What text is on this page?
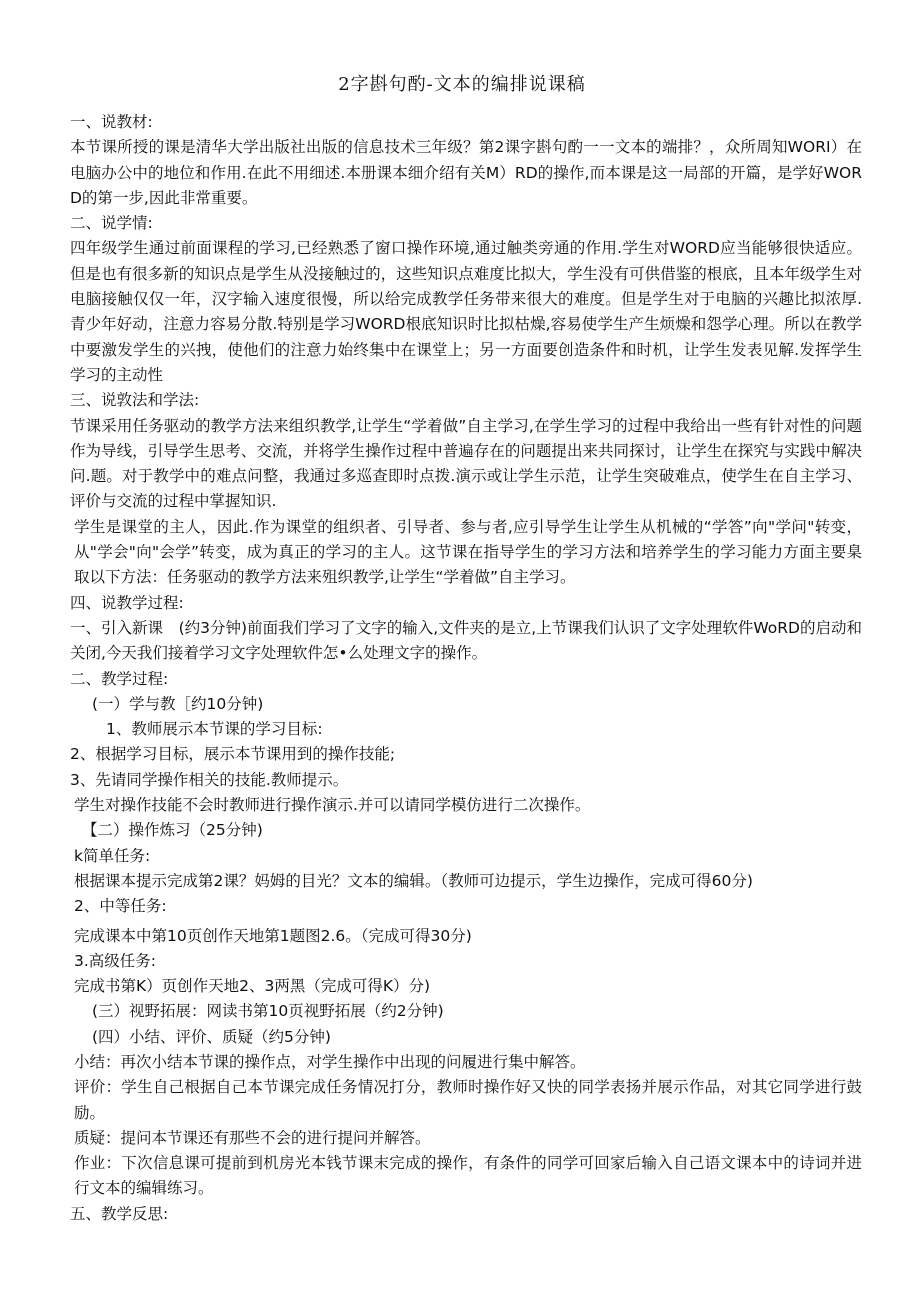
2字斟句酌-文本的编排说课稿

一、说教材:

本节课所授的课是清华大学出版社出版的信息技术三年级？第2课字斟句酌一一文本的端排？，众所周知WORI）在电脑办公中的地位和作用.在此不用细述.本册课本细介绍有关M）RD的操作,而本课是这一局部的开篇，是学好WORD的第一步,因此非常重要。

二、说学情:

四年级学生通过前面课程的学习,已经熟悉了窗口操作环境,通过触类旁通的作用.学生对WORD应当能够很快适应。但是也有很多新的知识点是学生从没接触过的，这些知识点难度比拟大，学生没有可供借鉴的根底，且本年级学生对电脑接触仅仅一年，汉字输入速度很慢，所以给完成教学任务带来很大的难度。但是学生对于电脑的兴趣比拟浓厚.青少年好动，注意力容易分散.特别是学习WORD根底知识时比拟枯燥,容易使学生产生烦燥和怨学心理。所以在教学中要激发学生的兴拽，使他们的注意力始终集中在课堂上；另一方面要创造条件和时机，让学生发表见解.发挥学生学习的主动性

三、说敦法和学法:

节课采用任务驱动的教学方法来组织教学,让学生“学着做”自主学习,在学生学习的过程中我给出一些有针对性的问题作为导线，引导学生思考、交流，并将学生操作过程中普遍存在的问题提出来共同探讨，让学生在探究与实践中解决问.题。对于教学中的难点问整，我通过多巡查即时点拨.演示或让学生示范，让学生突破难点，使学生在自主学习、评价与交流的过程中掌握知识.

学生是课堂的主人，因此.作为课堂的组织者、引导者、参与者,应引导学生让学生从机械的“学答”向"学问"转变，从"学会"向"会学”转变，成为真正的学习的主人。这节课在指导学生的学习方法和培养学生的学习能力方面主要臬取以下方法：任务驱动的教学方法来殂织教学,让学生“学着做”自主学习。

四、说教学过程:

一、引入新课　(约3分钟)前面我们学习了文字的输入,文件夹的是立,上节课我们认识了文字处理软件WoRD的启动和关闭,今天我们接着学习文字处理软件怎•么处理文字的操作。

二、教学过程:

(一）学与教［约10分钟)

1、教师展示本节课的学习目标:

2、根据学习目标，展示本节课用到的操作技能;

3、先请同学操作相关的技能.教师提示。

学生对操作技能不会时教师进行操作演示.并可以请同学模仿进行二次操作。

【二）操作炼习（25分钟)

k简单任务:

根据课本提示完成第2课？妈姆的目光？文本的编辑。（教师可边提示，学生边操作，完成可得60分)

2、中等任务:

完成课本中第10页创作天地第1题图2.6。（完成可得30分)

3.高级任务:

完成书第K）页创作天地2、3两黑（完成可得K）分)

(三）视野拓展：网读书第10页视野拓展（约2分钟)

(四）小结、评价、质疑（约5分钟)

小结：再次小结本节课的操作点，对学生操作中出现的问履进行集中解答。

评价：学生自己根据自己本节课完成任务情况打分，教师时操作好又快的同学表扬并展示作品，对其它同学进行鼓励。

质疑：提问本节课还有那些不会的进行提问并解答。

作业：下次信息课可提前到机房光本钱节课末完成的操作，有条件的同学可回家后输入自己语文课本中的诗词并进行文本的编辑练习。

五、教学反思:
